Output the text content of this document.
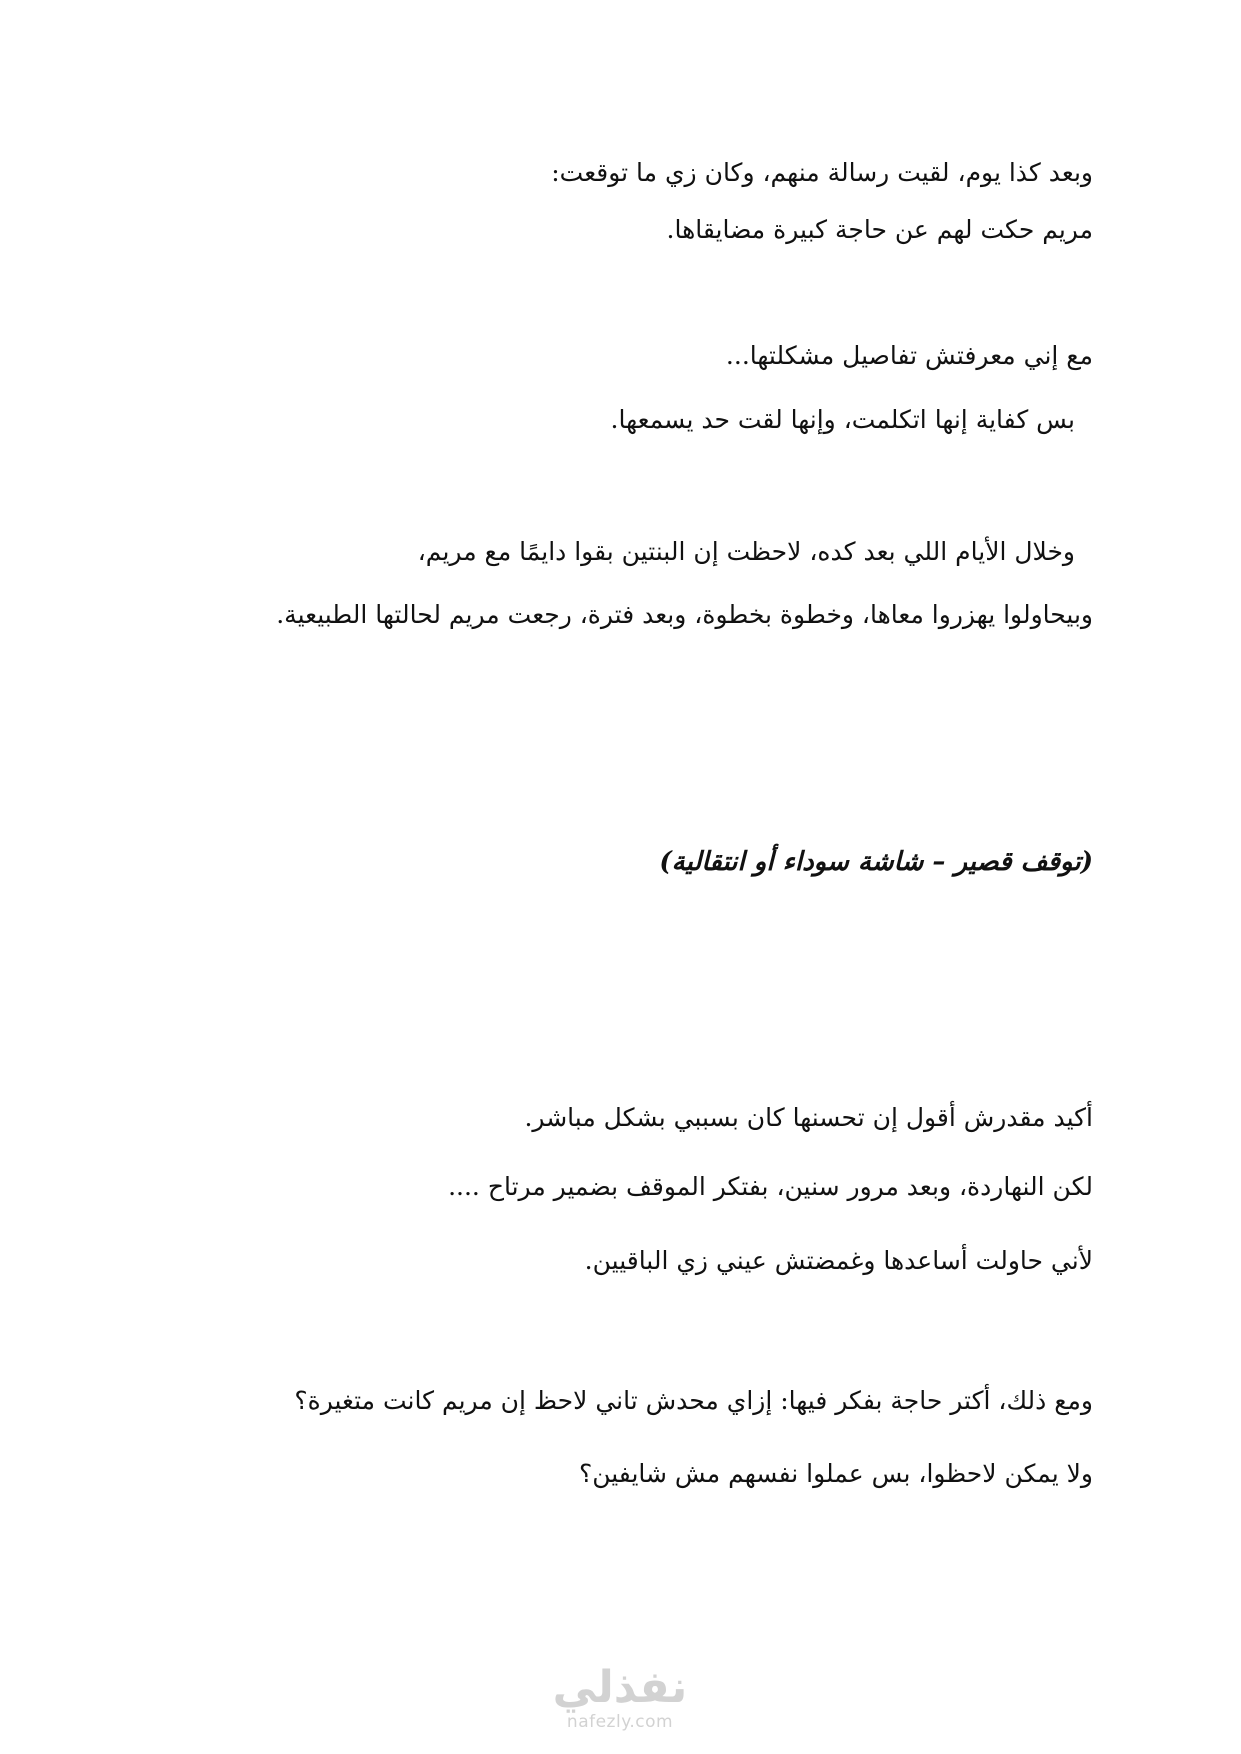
وبعد كذا يوم، لقيت رسالة منهم، وكان زي ما توقعت:
مريم حكت لهم عن حاجة كبيرة مضايقاها.
مع إني معرفتش تفاصيل مشكلتها...
بس كفاية إنها اتكلمت، وإنها لقت حد يسمعها.
وخلال الأيام اللي بعد كده، لاحظت إن البنتين بقوا دايمًا مع مريم،
وبيحاولوا يهزروا معاها، وخطوة بخطوة، وبعد فترة، رجعت مريم لحالتها الطبيعية.
(توقف قصير – شاشة سوداء أو انتقالية)
أكيد مقدرش أقول إن تحسنها كان بسببي بشكل مباشر.
لكن النهاردة، وبعد مرور سنين، بفتكر الموقف بضمير مرتاح ....
لأني حاولت أساعدها وغمضتش عيني زي الباقيين.
ومع ذلك، أكتر حاجة بفكر فيها: إزاي محدش تاني لاحظ إن مريم كانت متغيرة؟
ولا يمكن لاحظوا، بس عملوا نفسهم مش شايفين؟
نفذلي
nafezly.com
